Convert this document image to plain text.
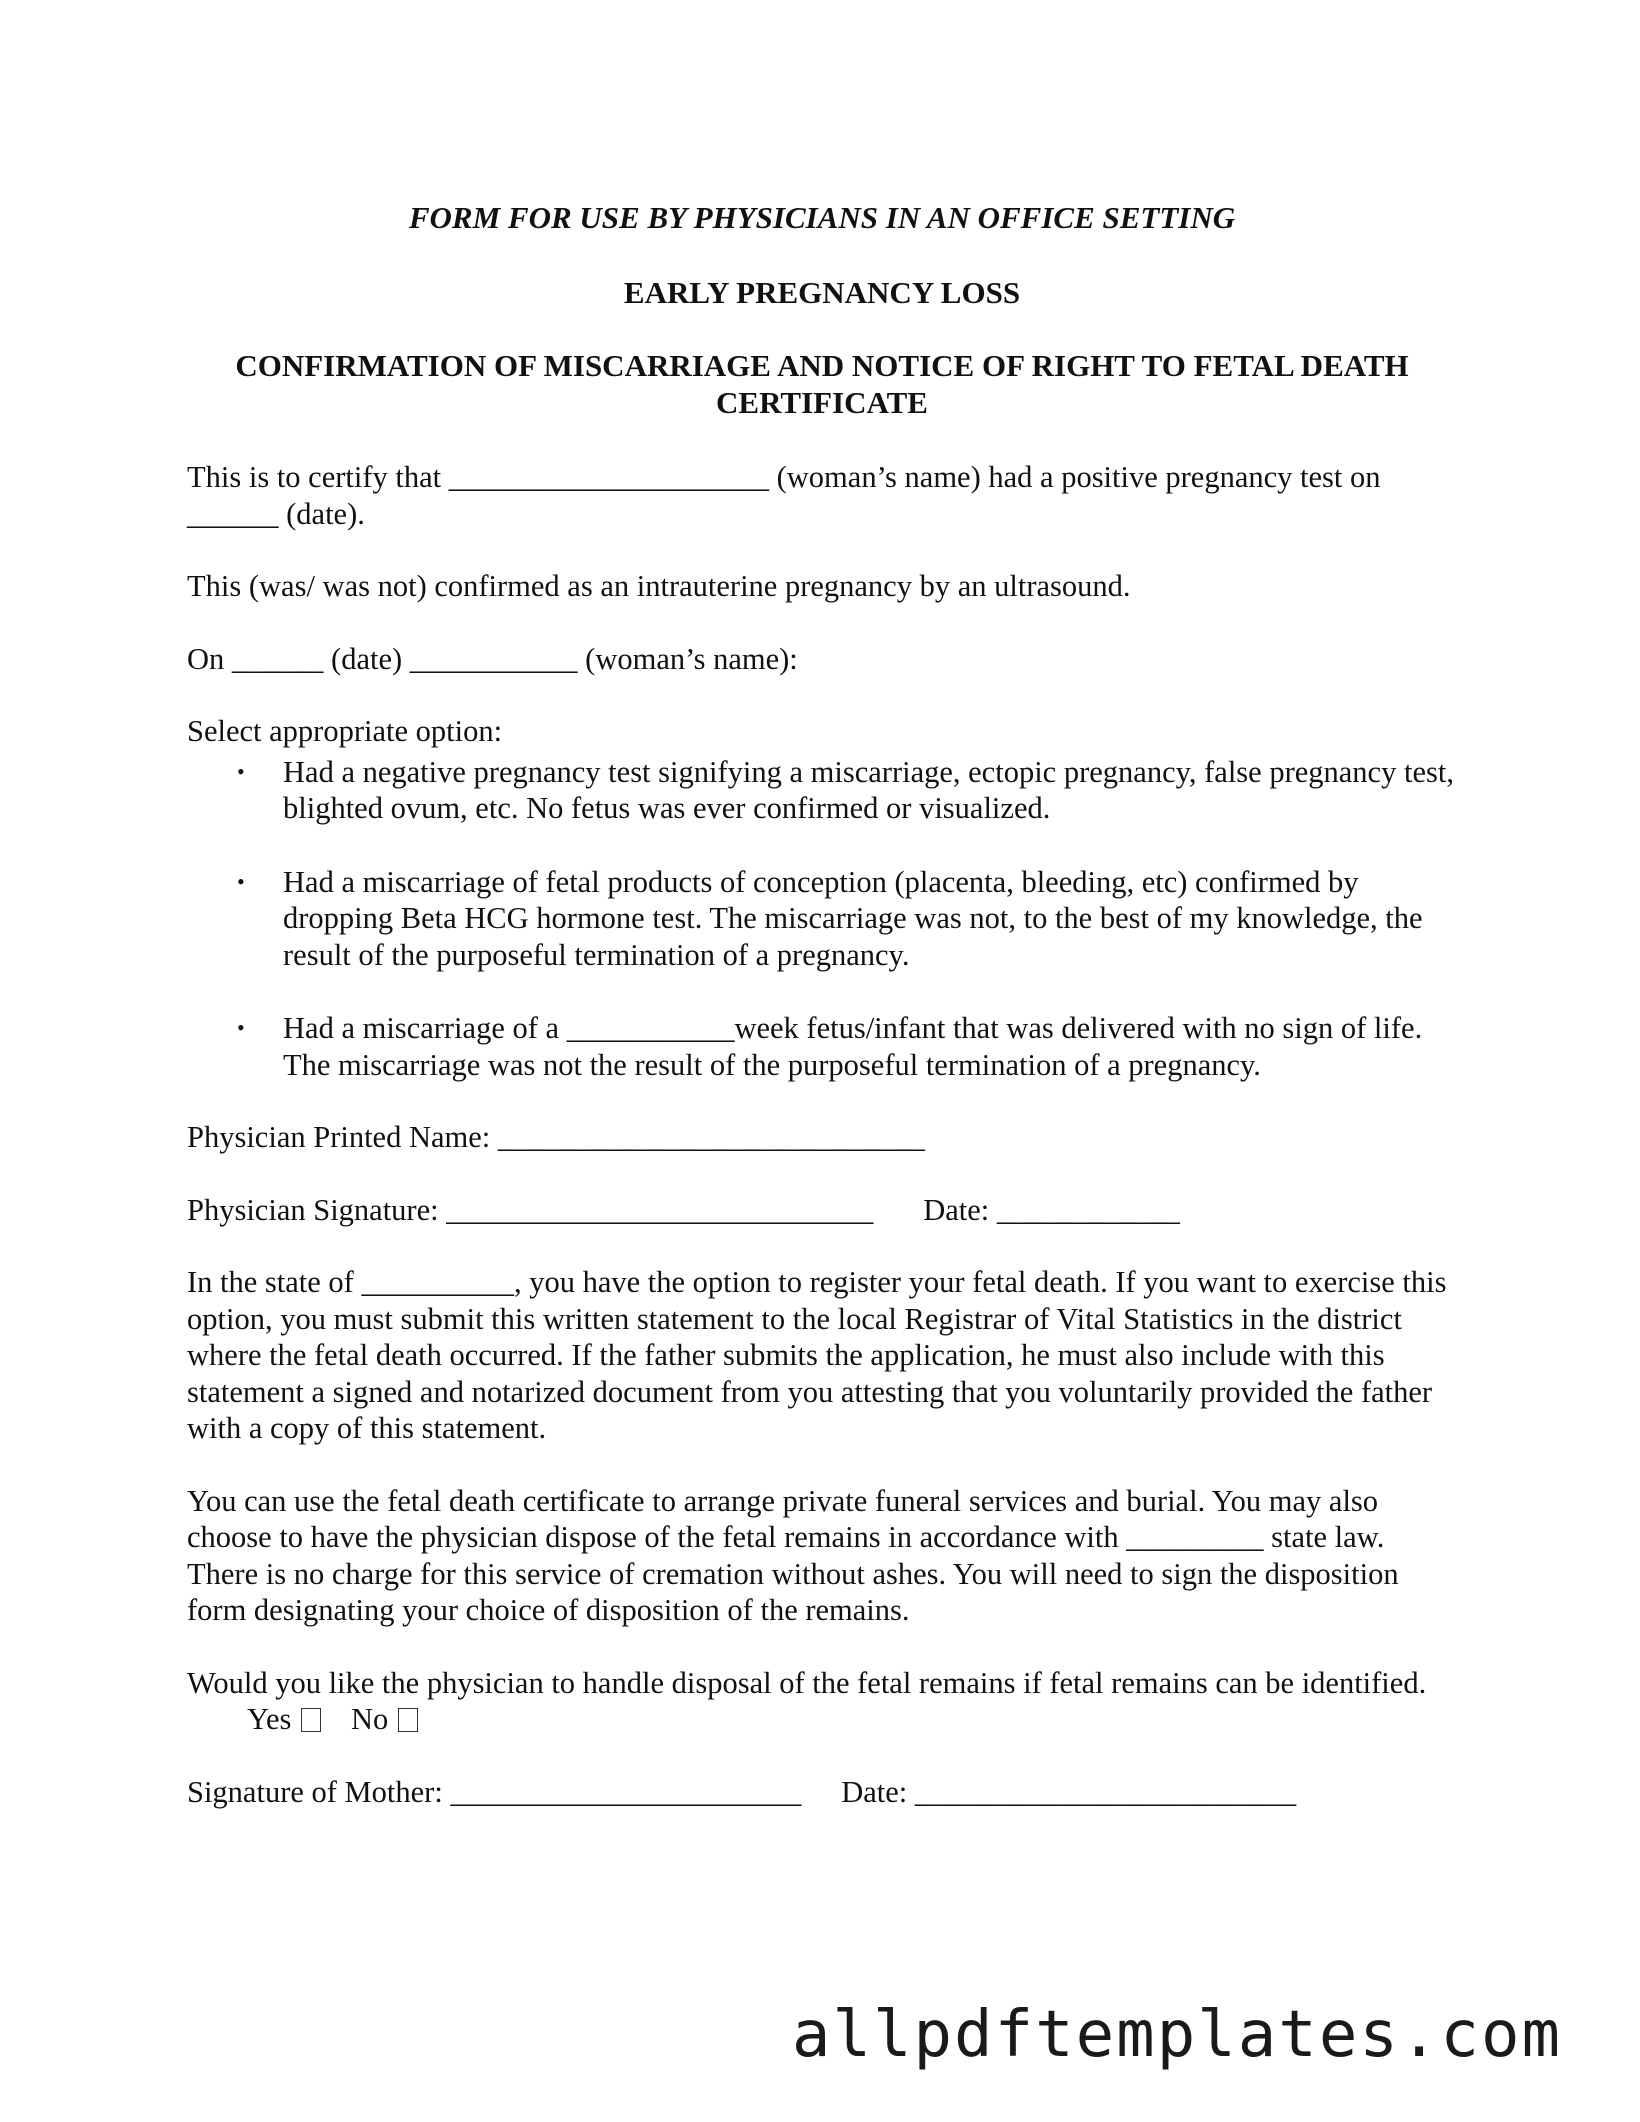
FORM FOR USE BY PHYSICIANS IN AN OFFICE SETTING
EARLY PREGNANCY LOSS
CONFIRMATION OF MISCARRIAGE AND NOTICE OF RIGHT TO FETAL DEATH CERTIFICATE

This is to certify that _____________________ (woman’s name) had a positive pregnancy test on ______ (date).

This (was/ was not) confirmed as an intrauterine pregnancy by an ultrasound.

On ______ (date) ___________ (woman’s name):

Select appropriate option:

• Had a negative pregnancy test signifying a miscarriage, ectopic pregnancy, false pregnancy test, blighted ovum, etc. No fetus was ever confirmed or visualized.
• Had a miscarriage of fetal products of conception (placenta, bleeding, etc) confirmed by dropping Beta HCG hormone test. The miscarriage was not, to the best of my knowledge, the result of the purposeful termination of a pregnancy.
• Had a miscarriage of a ___________week fetus/infant that was delivered with no sign of life. The miscarriage was not the result of the purposeful termination of a pregnancy.

Physician Printed Name: ____________________________

Physician Signature:
____________________________ Date:
____________

In the state of __________, you have the option to register your fetal death. If you want to exercise this option, you must submit this written statement to the local Registrar of Vital Statistics in the district where the fetal death occurred. If the father submits the application, he must also include with this statement a signed and notarized document from you attesting that you voluntarily provided the father with a copy of this statement.

You can use the fetal death certificate to arrange private funeral services and burial. You may also choose to have the physician dispose of the fetal remains in accordance with _________ state law. There is no charge for this service of cremation without ashes. You will need to sign the disposition form designating your choice of disposition of the remains.

Would you like the physician to handle disposal of the fetal remains if fetal remains can be identified. Yes No

Signature of Mother:
_______________________ Date:
_________________________

allpdftemplates.com
